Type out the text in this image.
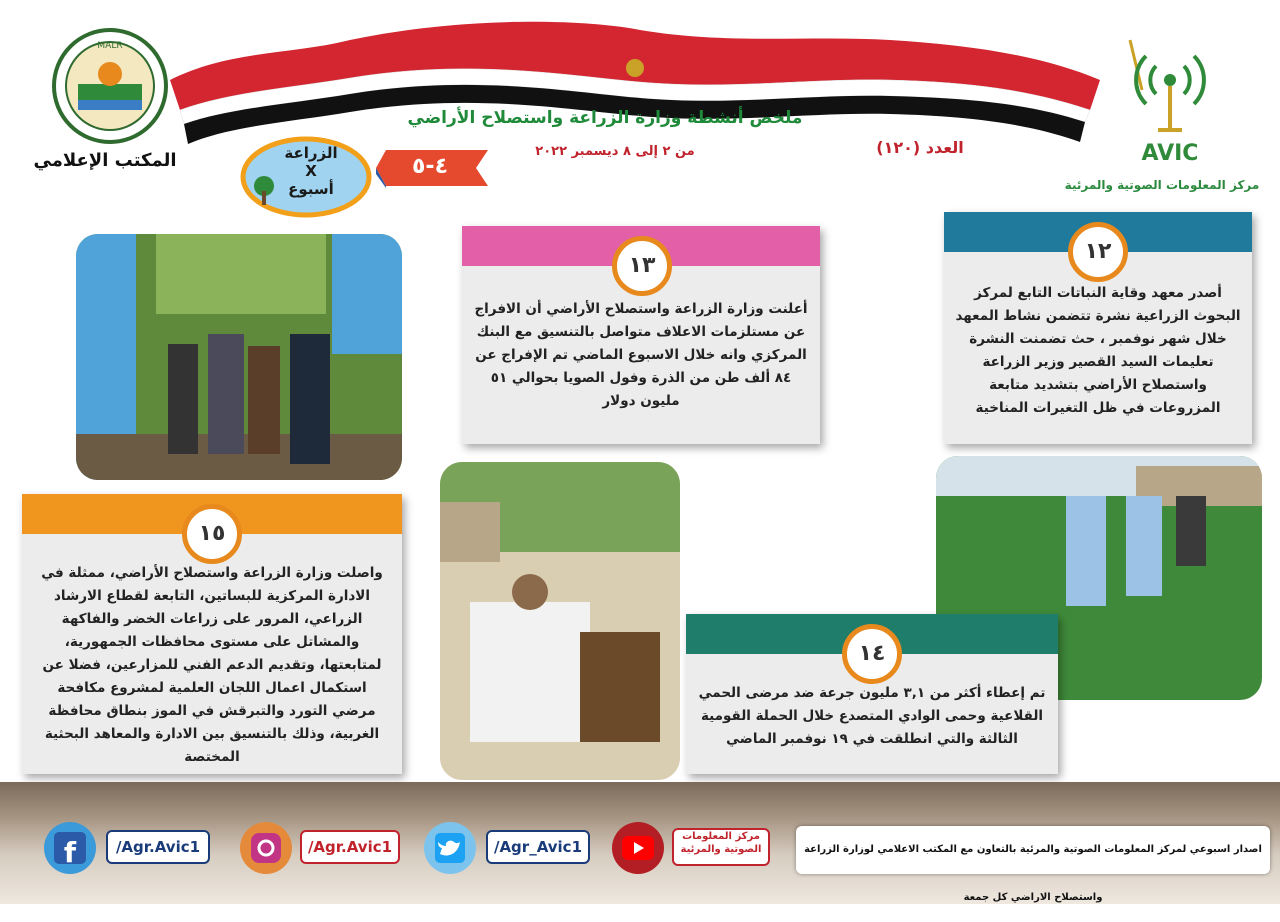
ملخص أنشطة وزارة الزراعة واستصلاح الأراضي
من ٢ إلى ٨ ديسمبر ٢٠٢٢	العدد (١٢٠)
MALR
المكتب الإعلامي	AVIC
مركز المعلومات الصوتية والمرئية
٤-٥
الزراعة
X
أسبوع
١٢
أصدر معهد وقاية النباتات التابع لمركز البحوث الزراعية نشرة تتضمن نشاط المعهد خلال شهر نوفمبر ، حث تضمنت النشرة تعليمات السيد القصير وزير الزراعة واستصلاح الأراضي بتشديد متابعة المزروعات في ظل التغيرات المناخية
١٣
أعلنت وزارة الزراعة واستصلاح الأراضي أن الافراج عن مستلزمات الاعلاف متواصل بالتنسيق مع البنك المركزي وانه خلال الاسبوع الماضي تم الإفراج عن ٨٤ ألف طن من الذرة وفول الصويا بحوالي ٥١ مليون دولار
١٤
تم إعطاء أكثر من ٣,١ مليون جرعة ضد مرضى الحمي القلاعية وحمى الوادي المتصدع خلال الحملة القومية الثالثة والتي انطلقت في ١٩ نوفمبر الماضي
١٥
واصلت وزارة الزراعة واستصلاح الأراضي، ممثلة في الادارة المركزية للبساتين، التابعة لقطاع الارشاد الزراعي، المرور على زراعات الخضر والفاكهة والمشاتل على مستوى محافظات الجمهورية، لمتابعتها، وتقديم الدعم الفني للمزارعين، فضلا عن استكمال اعمال اللجان العلمية لمشروع مكافحة مرضي التورد والتبرقش في الموز بنطاق محافظة الغربية، وذلك بالتنسيق بين الادارة والمعاهد البحثية المختصة
f	/Agr.Avic1	/Agr.Avic1	/Agr_Avic1
مركز المعلومات الصوتية والمرئية	اصدار اسبوعي لمركز المعلومات الصوتية والمرئية بالتعاون مع المكتب الاعلامي لوزارة الزراعة واستصلاح الاراضي كل جمعة
